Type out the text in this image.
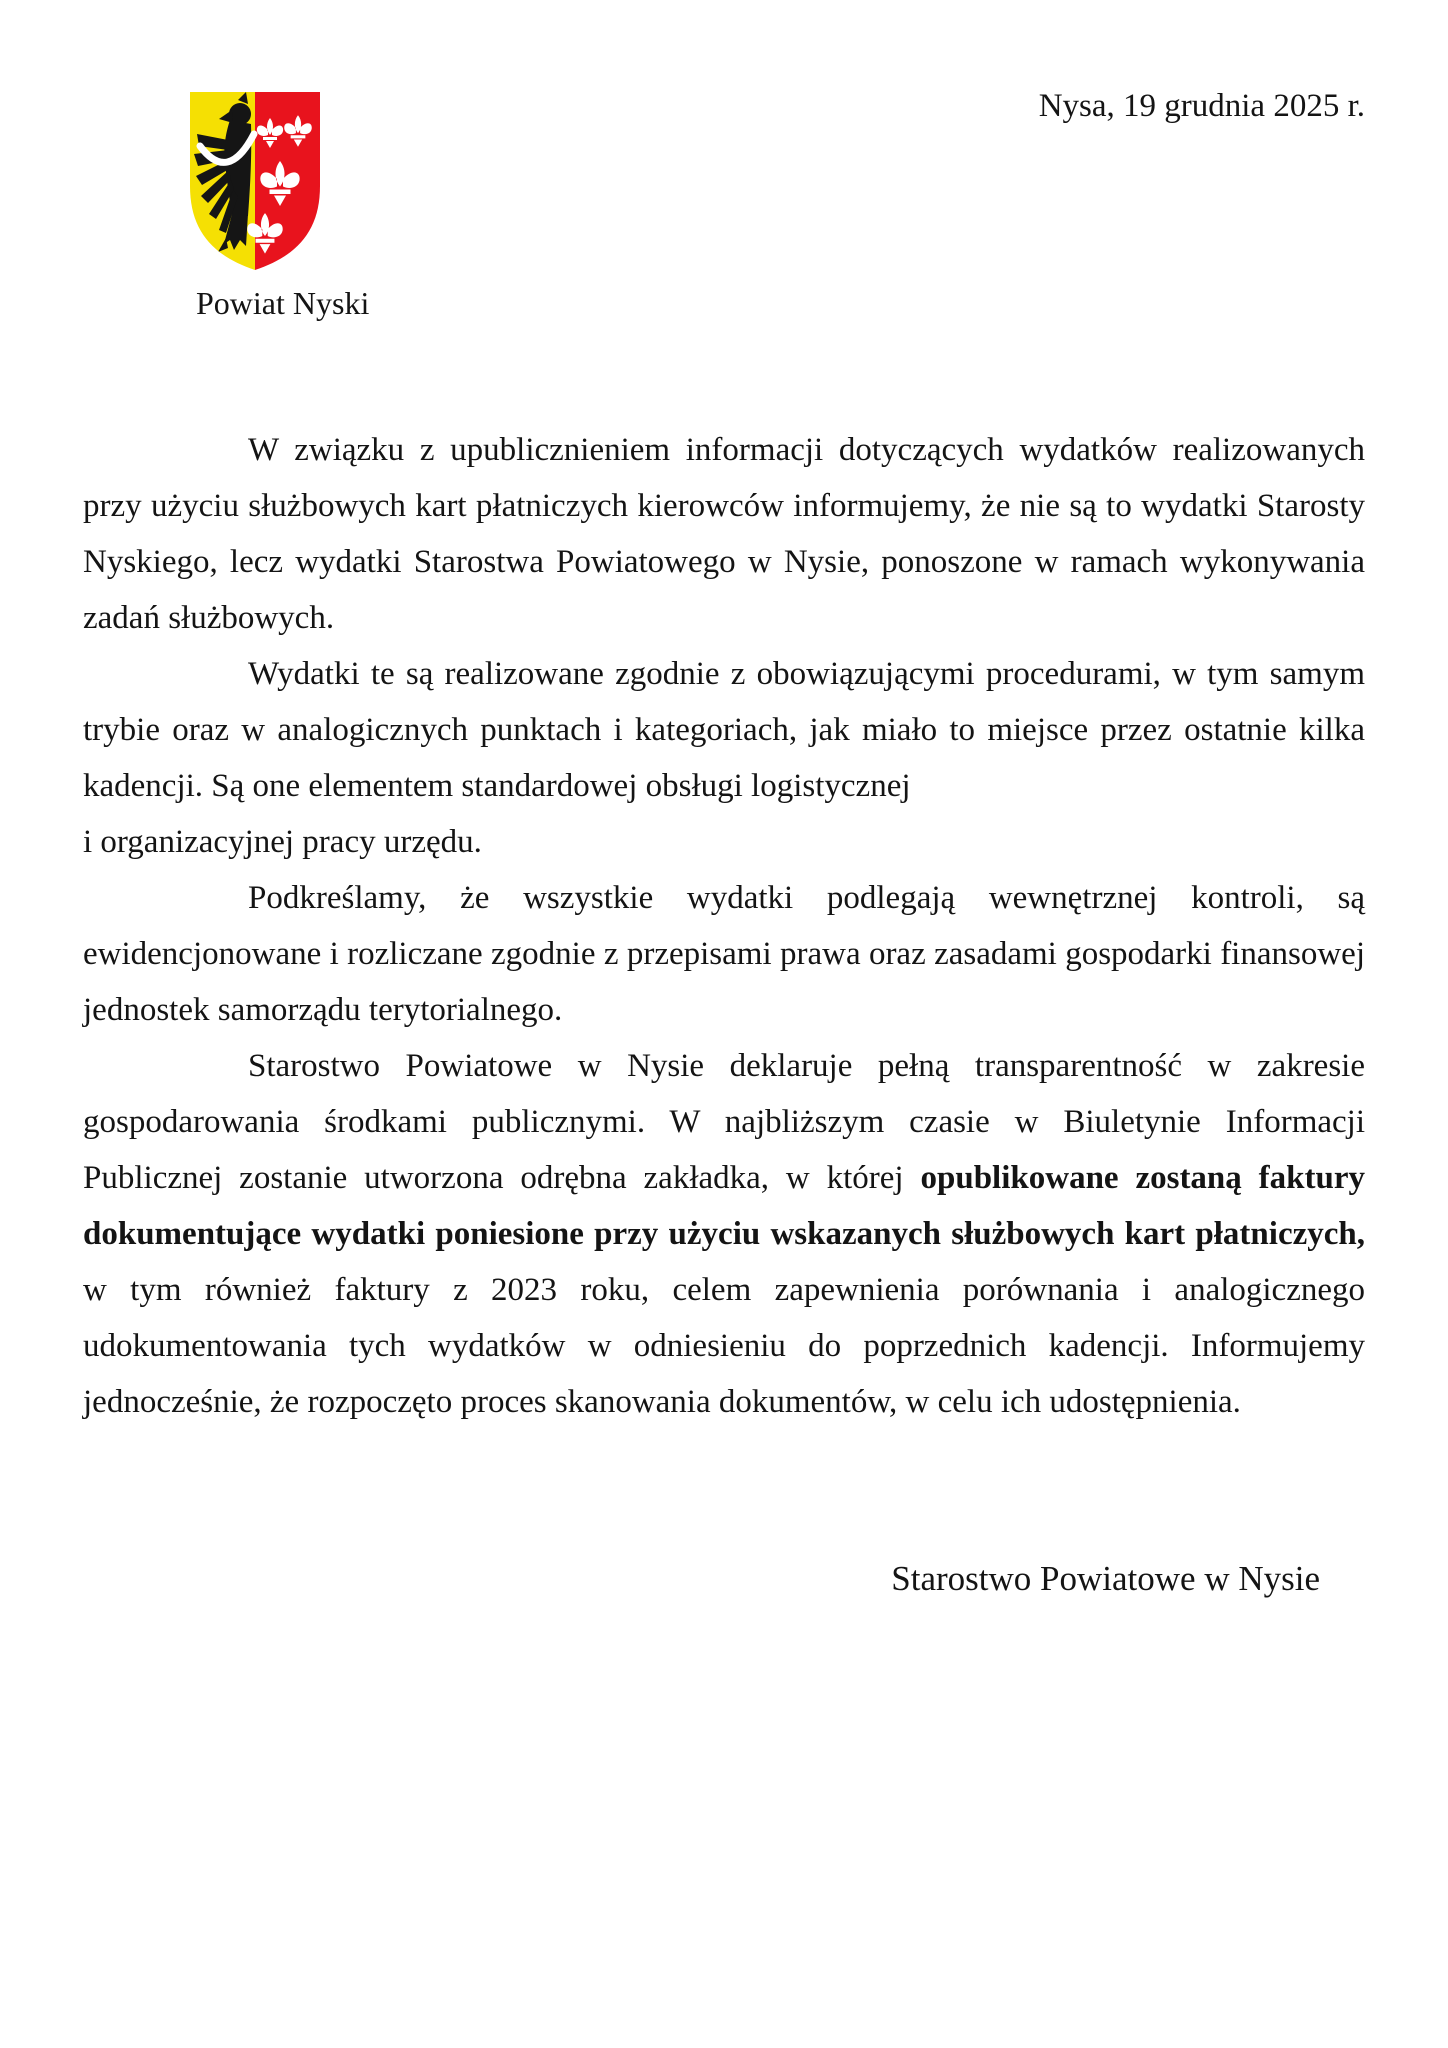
Nysa, 19 grudnia 2025 r.
Powiat Nyski

W związku z upublicznieniem informacji dotyczących wydatków realizowanych przy użyciu służbowych kart płatniczych kierowców informujemy, że nie są to wydatki Starosty Nyskiego, lecz wydatki Starostwa Powiatowego w Nysie, ponoszone w ramach wykonywania zadań służbowych.

Wydatki te są realizowane zgodnie z obowiązującymi procedurami, w tym samym trybie oraz w analogicznych punktach i kategoriach, jak miało to miejsce przez ostatnie kilka kadencji. Są one elementem standardowej obsługi logistycznej
i organizacyjnej pracy urzędu.

Podkreślamy, że wszystkie wydatki podlegają wewnętrznej kontroli, są ewidencjonowane i rozliczane zgodnie z przepisami prawa oraz zasadami gospodarki finansowej jednostek samorządu terytorialnego.

Starostwo Powiatowe w Nysie deklaruje pełną transparentność w zakresie gospodarowania środkami publicznymi. W najbliższym czasie w Biuletynie Informacji Publicznej zostanie utworzona odrębna zakładka, w której opublikowane zostaną faktury dokumentujące wydatki poniesione przy użyciu wskazanych służbowych kart płatniczych, w tym również faktury z 2023 roku, celem zapewnienia porównania i analogicznego udokumentowania tych wydatków w odniesieniu do poprzednich kadencji. Informujemy jednocześnie, że rozpoczęto proces skanowania dokumentów, w celu ich udostępnienia.

Starostwo Powiatowe w Nysie
